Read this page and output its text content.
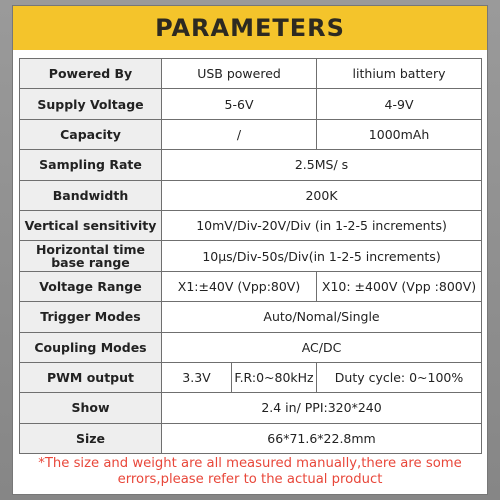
PARAMETERS
Powered By	USB powered		lithium battery
Supply Voltage	5-6V		4-9V
Capacity	/		1000mAh
Sampling Rate	2.5MS/ s		
Bandwidth	200K		
Vertical sensitivity	10mV/Div-20V/Div (in 1-2-5 increments)		
Horizontal time base range	10μs/Div-50s/Div(in 1-2-5 increments)		
Voltage Range	X1:±40V (Vpp:80V)		X10: ±400V (Vpp :800V)
Trigger Modes	Auto/Nomal/Single		
Coupling Modes	AC/DC		
PWM output	3.3V	F.R:0~80kHz	Duty cycle: 0~100%
Show	2.4 in/ PPI:320*240		
Size	66*71.6*22.8mm		
*The size and weight are all measured manually,there are some errors,please refer to the actual product
